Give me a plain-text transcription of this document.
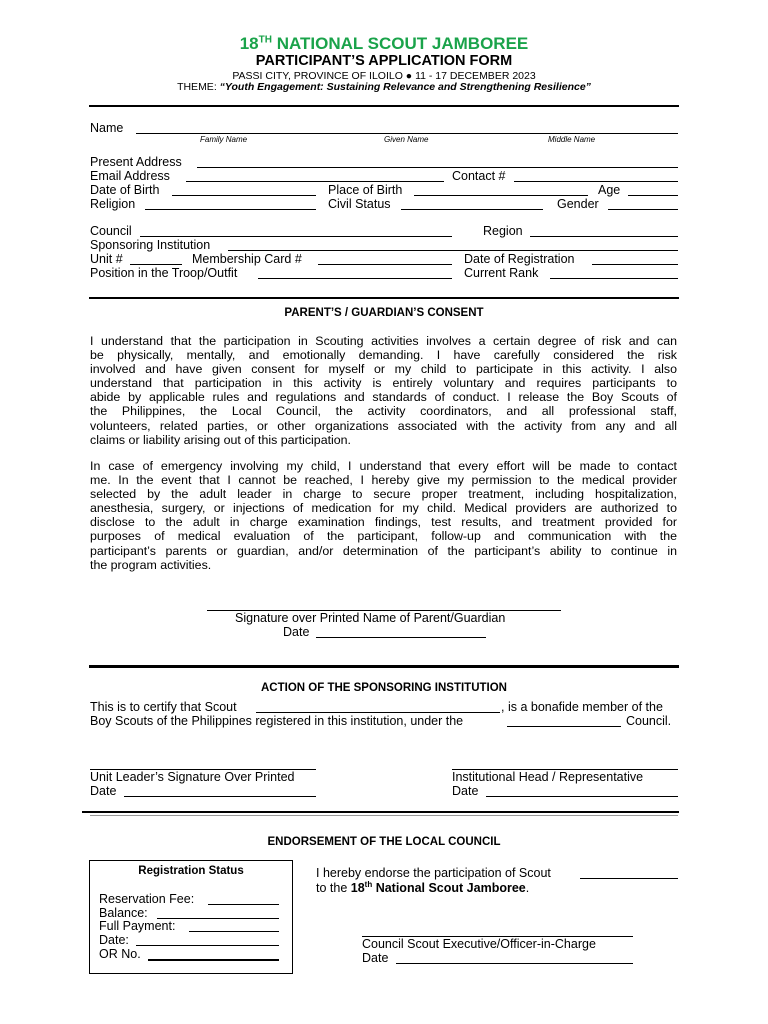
18TH NATIONAL SCOUT JAMBOREE
PARTICIPANT’S APPLICATION FORM
PASSI CITY, PROVINCE OF ILOILO ● 11 - 17 DECEMBER 2023
THEME: “Youth Engagement: Sustaining Relevance and Strengthening Resilience”
Name
Family Name	Given Name	Middle Name
Present Address
Email Address	Contact #
Date of Birth	Place of Birth	Age
Religion	Civil Status	Gender
Council	Region
Sponsoring Institution
Unit #	Membership Card #	Date of Registration
Position in the Troop/Outfit	Current Rank
PARENT’S / GUARDIAN’S CONSENT
I understand that the participation in Scouting activities involves a certain degree of risk and can
be physically, mentally, and emotionally demanding. I have carefully considered the risk
involved and have given consent for myself or my child to participate in this activity. I also
understand that participation in this activity is entirely voluntary and requires participants to
abide by applicable rules and regulations and standards of conduct. I release the Boy Scouts of
the Philippines, the Local Council, the activity coordinators, and all professional staff,
volunteers, related parties, or other organizations associated with the activity from any and all
claims or liability arising out of this participation.
In case of emergency involving my child, I understand that every effort will be made to contact
me. In the event that I cannot be reached, I hereby give my permission to the medical provider
selected by the adult leader in charge to secure proper treatment, including hospitalization,
anesthesia, surgery, or injections of medication for my child. Medical providers are authorized to
disclose to the adult in charge examination findings, test results, and treatment provided for
purposes of medical evaluation of the participant, follow-up and communication with the
participant’s parents or guardian, and/or determination of the participant’s ability to continue in
the program activities.
Signature over Printed Name of Parent/Guardian
Date
ACTION OF THE SPONSORING INSTITUTION
This is to certify that Scout	, is a bonafide member of the
Boy Scouts of the Philippines registered in this institution, under the	Council.
Unit Leader’s Signature Over Printed
Date
Institutional Head / Representative
Date
ENDORSEMENT OF THE LOCAL COUNCIL
Registration Status
Reservation Fee:
Balance:
Full Payment:
Date:
OR No.
I hereby endorse the participation of Scout
to the 18th National Scout Jamboree.
Council Scout Executive/Officer-in-Charge
Date
